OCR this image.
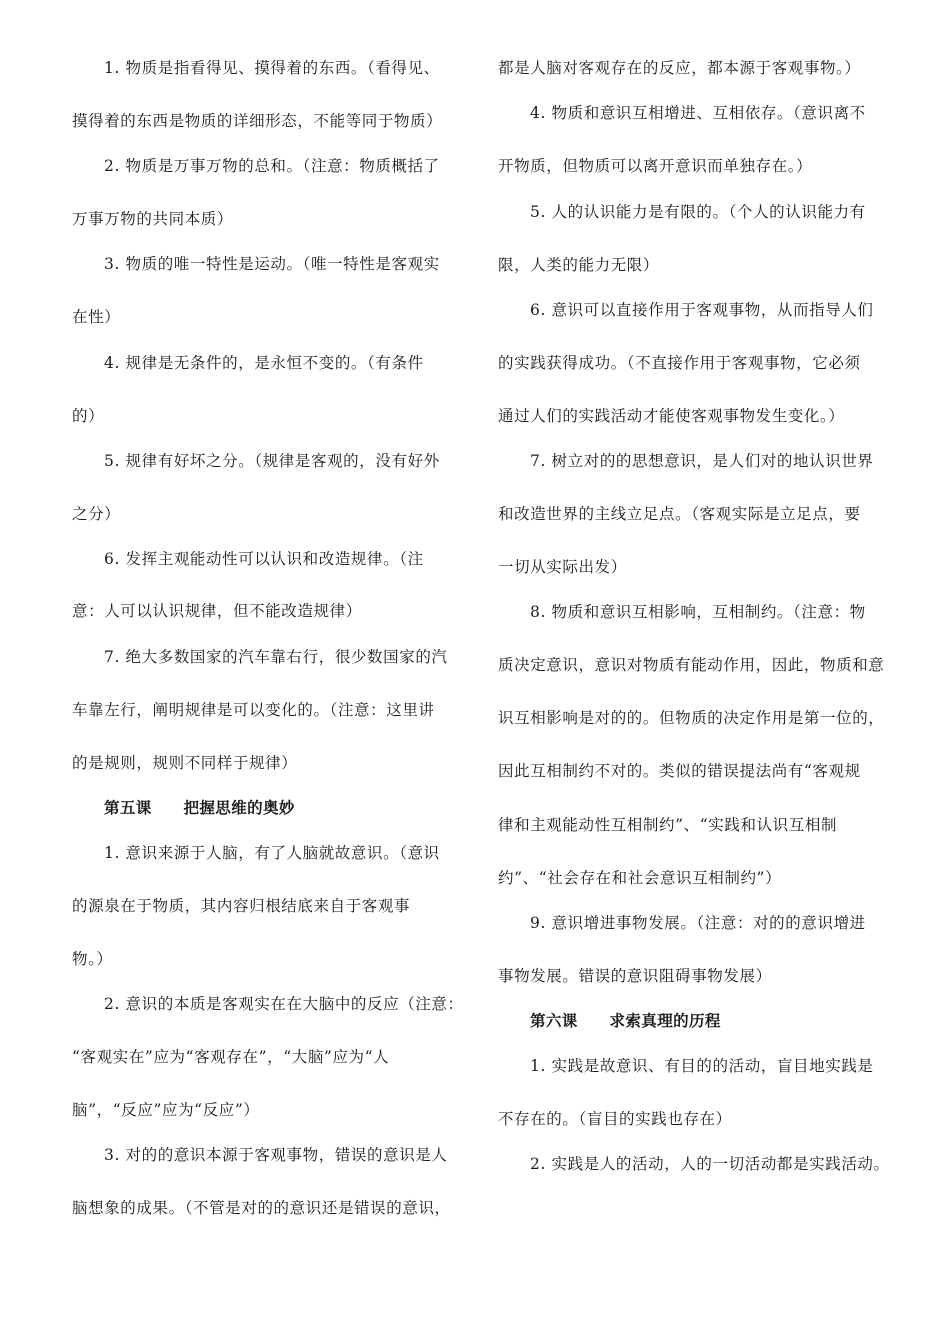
1. 物质是指看得见、摸得着的东西。（看得见、
摸得着的东西是物质的详细形态，不能等同于物质）
2. 物质是万事万物的总和。（注意：物质概括了
万事万物的共同本质）
3. 物质的唯一特性是运动。（唯一特性是客观实
在性）
4. 规律是无条件的，是永恒不变的。（有条件
的）
5. 规律有好坏之分。（规律是客观的，没有好外
之分）
6. 发挥主观能动性可以认识和改造规律。（注
意：人可以认识规律，但不能改造规律）
7. 绝大多数国家的汽车靠右行，很少数国家的汽
车靠左行，阐明规律是可以变化的。（注意：这里讲
的是规则，规则不同样于规律）
第五课　　把握思维的奥妙
1. 意识来源于人脑，有了人脑就故意识。（意识
的源泉在于物质，其内容归根结底来自于客观事
物。）
2. 意识的本质是客观实在在大脑中的反应（注意：
“客观实在”应为“客观存在”，“大脑”应为“人
脑”，“反应”应为“反应”）
3. 对的的意识本源于客观事物，错误的意识是人
脑想象的成果。（不管是对的的意识还是错误的意识，
都是人脑对客观存在的反应，都本源于客观事物。）
4. 物质和意识互相增进、互相依存。（意识离不
开物质，但物质可以离开意识而单独存在。）
5. 人的认识能力是有限的。（个人的认识能力有
限，人类的能力无限）
6. 意识可以直接作用于客观事物，从而指导人们
的实践获得成功。（不直接作用于客观事物，它必须
通过人们的实践活动才能使客观事物发生变化。）
7. 树立对的的思想意识，是人们对的地认识世界
和改造世界的主线立足点。（客观实际是立足点，要
一切从实际出发）
8. 物质和意识互相影响，互相制约。（注意：物
质决定意识，意识对物质有能动作用，因此，物质和意
识互相影响是对的的。但物质的决定作用是第一位的，
因此互相制约不对的。类似的错误提法尚有“客观规
律和主观能动性互相制约”、“实践和认识互相制
约”、“社会存在和社会意识互相制约”）
9. 意识增进事物发展。（注意：对的的意识增进
事物发展。错误的意识阻碍事物发展）
第六课　　求索真理的历程
1. 实践是故意识、有目的的活动，盲目地实践是
不存在的。（盲目的实践也存在）
2. 实践是人的活动，人的一切活动都是实践活动。
